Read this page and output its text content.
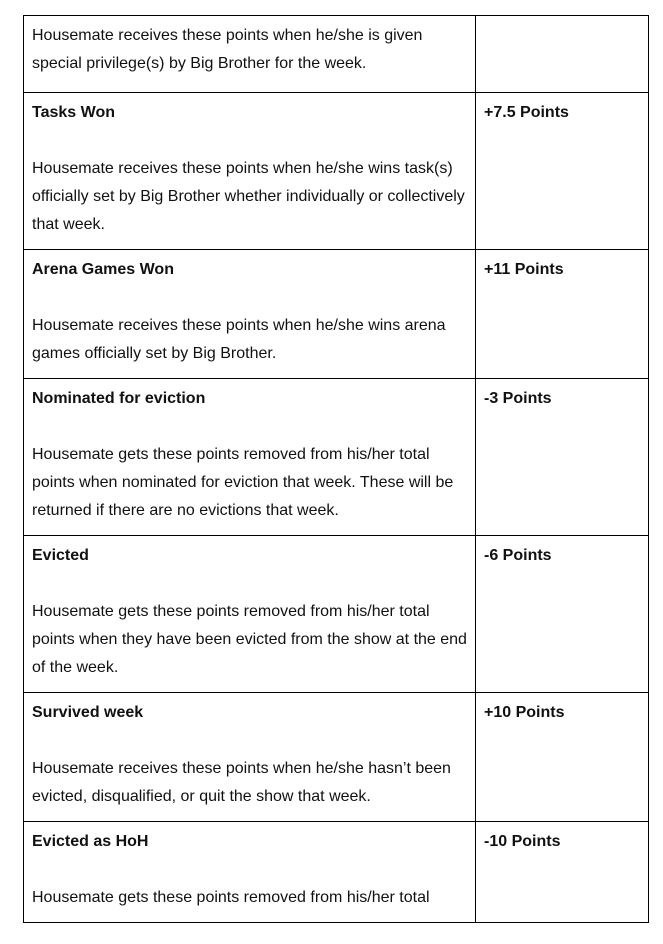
Housemate receives these points when he/she is given special privilege(s) by Big Brother for the week.	

Tasks Won
Housemate receives these points when he/she wins task(s) officially set by Big Brother whether individually or collectively that week.	+7.5 Points

Arena Games Won
Housemate receives these points when he/she wins arena games officially set by Big Brother.	+11 Points

Nominated for eviction
Housemate gets these points removed from his/her total points when nominated for eviction that week. These will be returned if there are no evictions that week.	-3 Points

Evicted
Housemate gets these points removed from his/her total points when they have been evicted from the show at the end of the week.	-6 Points

Survived week
Housemate receives these points when he/she hasn’t been evicted, disqualified, or quit the show that week.	+10 Points

Evicted as HoH
Housemate gets these points removed from his/her total	-10 Points
